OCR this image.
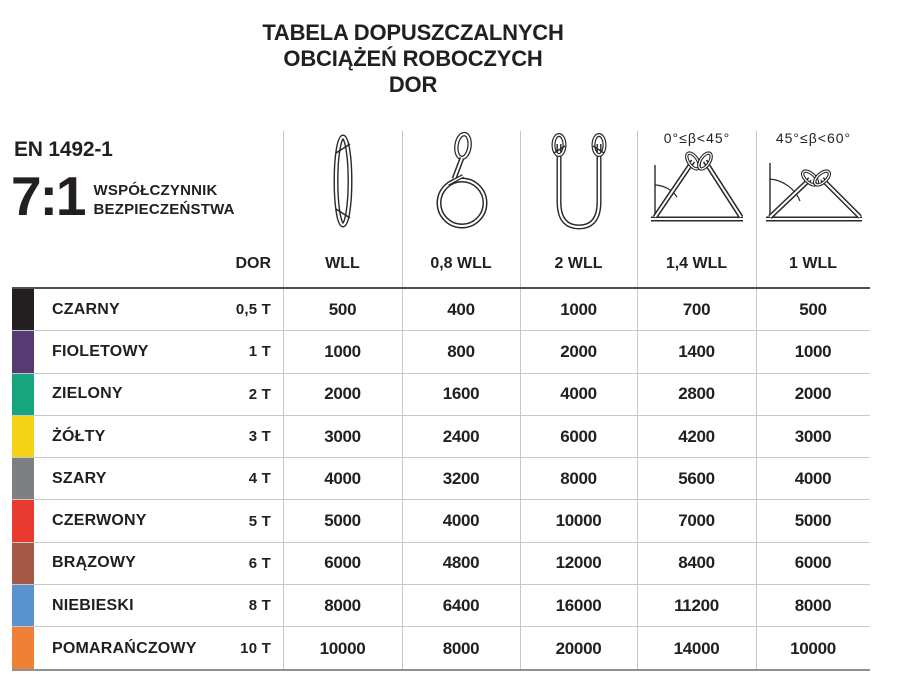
TABELA DOPUSZCZALNYCH
OBCIĄŻEŃ ROBOCZYCH DOR
EN 1492-1
7:1 WSPÓŁCZYNNIK
BEZPIECZEŃSTWA
0°≤β<45°	45°≤β<60°
DOR	WLL	0,8 WLL	2 WLL	1,4 WLL	1 WLL
CZARNY	0,5 T	500	400	1000	700	500
FIOLETOWY	1 T	1000	800	2000	1400	1000
ZIELONY	2 T	2000	1600	4000	2800	2000
ŻÓŁTY	3 T	3000	2400	6000	4200	3000
SZARY	4 T	4000	3200	8000	5600	4000
CZERWONY	5 T	5000	4000	10000	7000	5000
BRĄZOWY	6 T	6000	4800	12000	8400	6000
NIEBIESKI	8 T	8000	6400	16000	11200	8000
POMARAŃCZOWY	10 T	10000	8000	20000	14000	10000
